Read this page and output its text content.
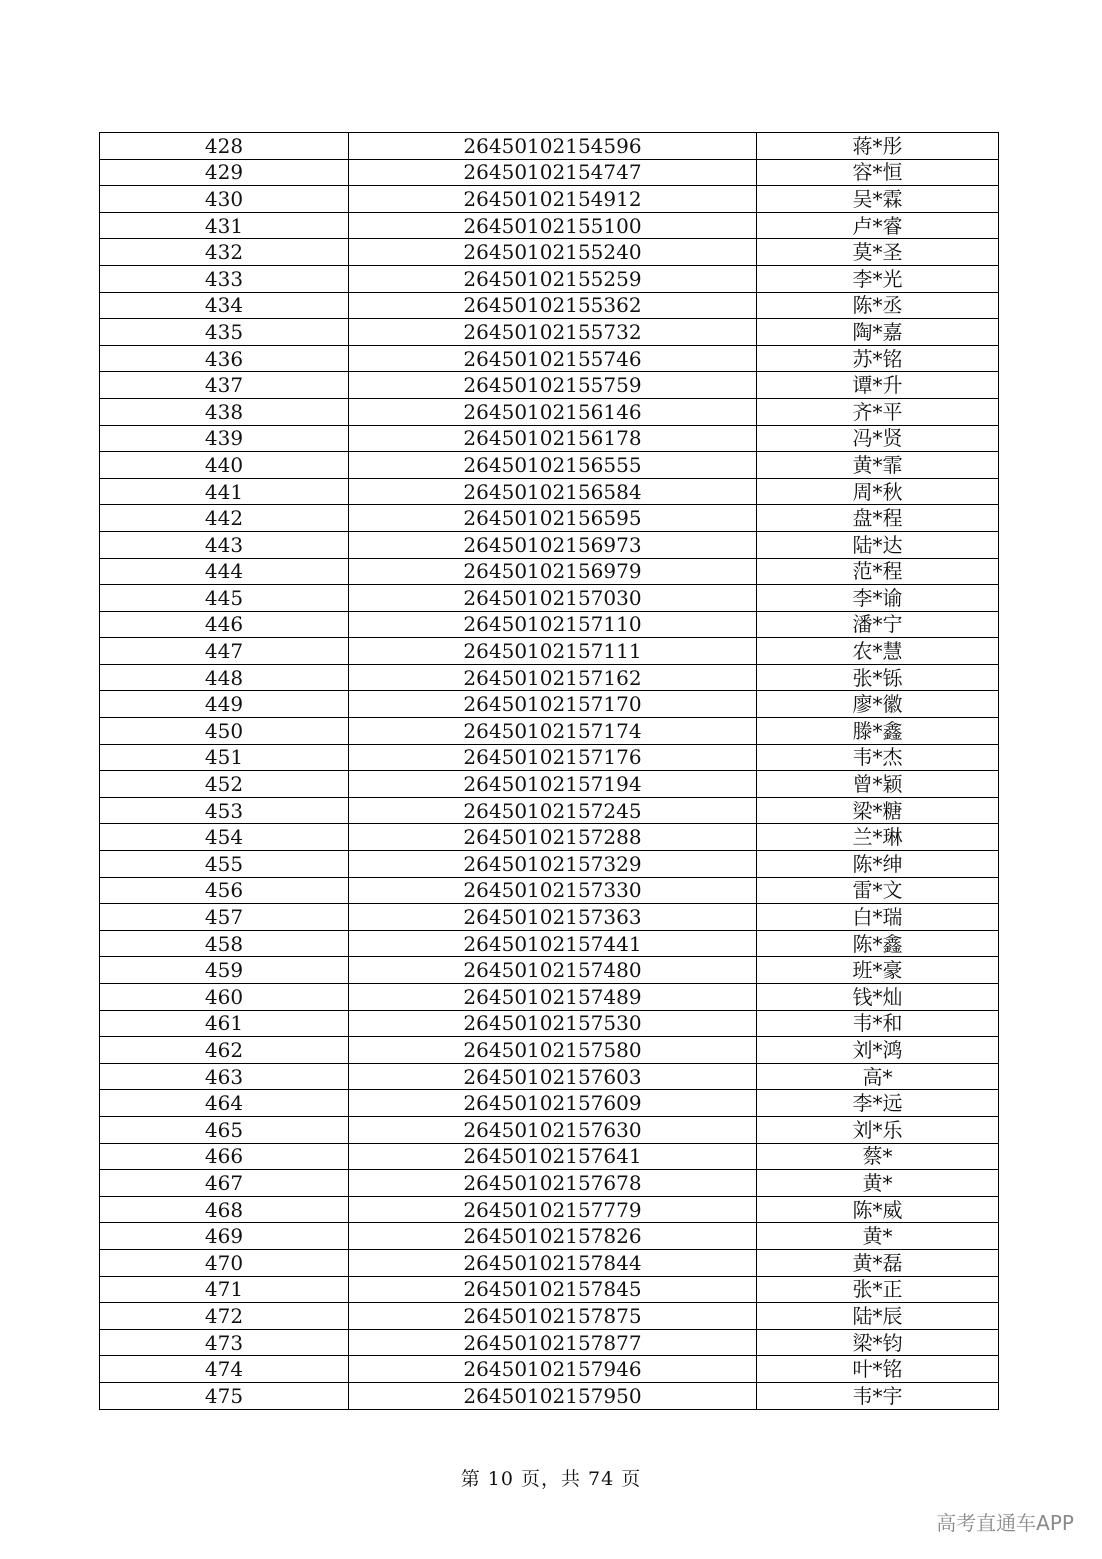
428	26450102154596	蒋*彤
429	26450102154747	容*恒
430	26450102154912	吴*霖
431	26450102155100	卢*睿
432	26450102155240	莫*圣
433	26450102155259	李*光
434	26450102155362	陈*丞
435	26450102155732	陶*嘉
436	26450102155746	苏*铭
437	26450102155759	谭*升
438	26450102156146	齐*平
439	26450102156178	冯*贤
440	26450102156555	黄*霏
441	26450102156584	周*秋
442	26450102156595	盘*程
443	26450102156973	陆*达
444	26450102156979	范*程
445	26450102157030	李*谕
446	26450102157110	潘*宁
447	26450102157111	农*慧
448	26450102157162	张*铄
449	26450102157170	廖*徽
450	26450102157174	滕*鑫
451	26450102157176	韦*杰
452	26450102157194	曾*颖
453	26450102157245	梁*糖
454	26450102157288	兰*琳
455	26450102157329	陈*绅
456	26450102157330	雷*文
457	26450102157363	白*瑞
458	26450102157441	陈*鑫
459	26450102157480	班*豪
460	26450102157489	钱*灿
461	26450102157530	韦*和
462	26450102157580	刘*鸿
463	26450102157603	高*
464	26450102157609	李*远
465	26450102157630	刘*乐
466	26450102157641	蔡*
467	26450102157678	黄*
468	26450102157779	陈*威
469	26450102157826	黄*
470	26450102157844	黄*磊
471	26450102157845	张*正
472	26450102157875	陆*辰
473	26450102157877	梁*钧
474	26450102157946	叶*铭
475	26450102157950	韦*宇
第 10 页，共 74 页
高考直通车APP
